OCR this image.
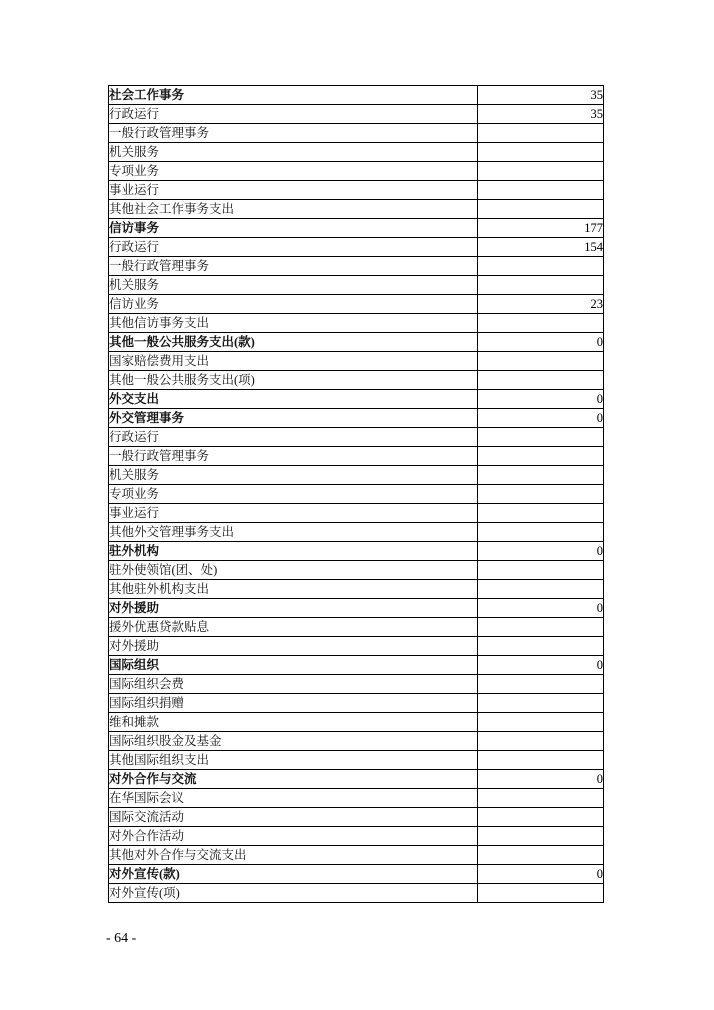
社会工作事务	35
行政运行	35
一般行政管理事务	
机关服务	
专项业务	
事业运行	
其他社会工作事务支出	
信访事务	177
行政运行	154
一般行政管理事务	
机关服务	
信访业务	23
其他信访事务支出	
其他一般公共服务支出(款)	0
国家赔偿费用支出	
其他一般公共服务支出(项)	
外交支出	0
外交管理事务	0
行政运行	
一般行政管理事务	
机关服务	
专项业务	
事业运行	
其他外交管理事务支出	
驻外机构	0
驻外使领馆(团、处)	
其他驻外机构支出	
对外援助	0
援外优惠贷款贴息	
对外援助	
国际组织	0
国际组织会费	
国际组织捐赠	
维和摊款	
国际组织股金及基金	
其他国际组织支出	
对外合作与交流	0
在华国际会议	
国际交流活动	
对外合作活动	
其他对外合作与交流支出	
对外宣传(款)	0
对外宣传(项)	
- 64 -
